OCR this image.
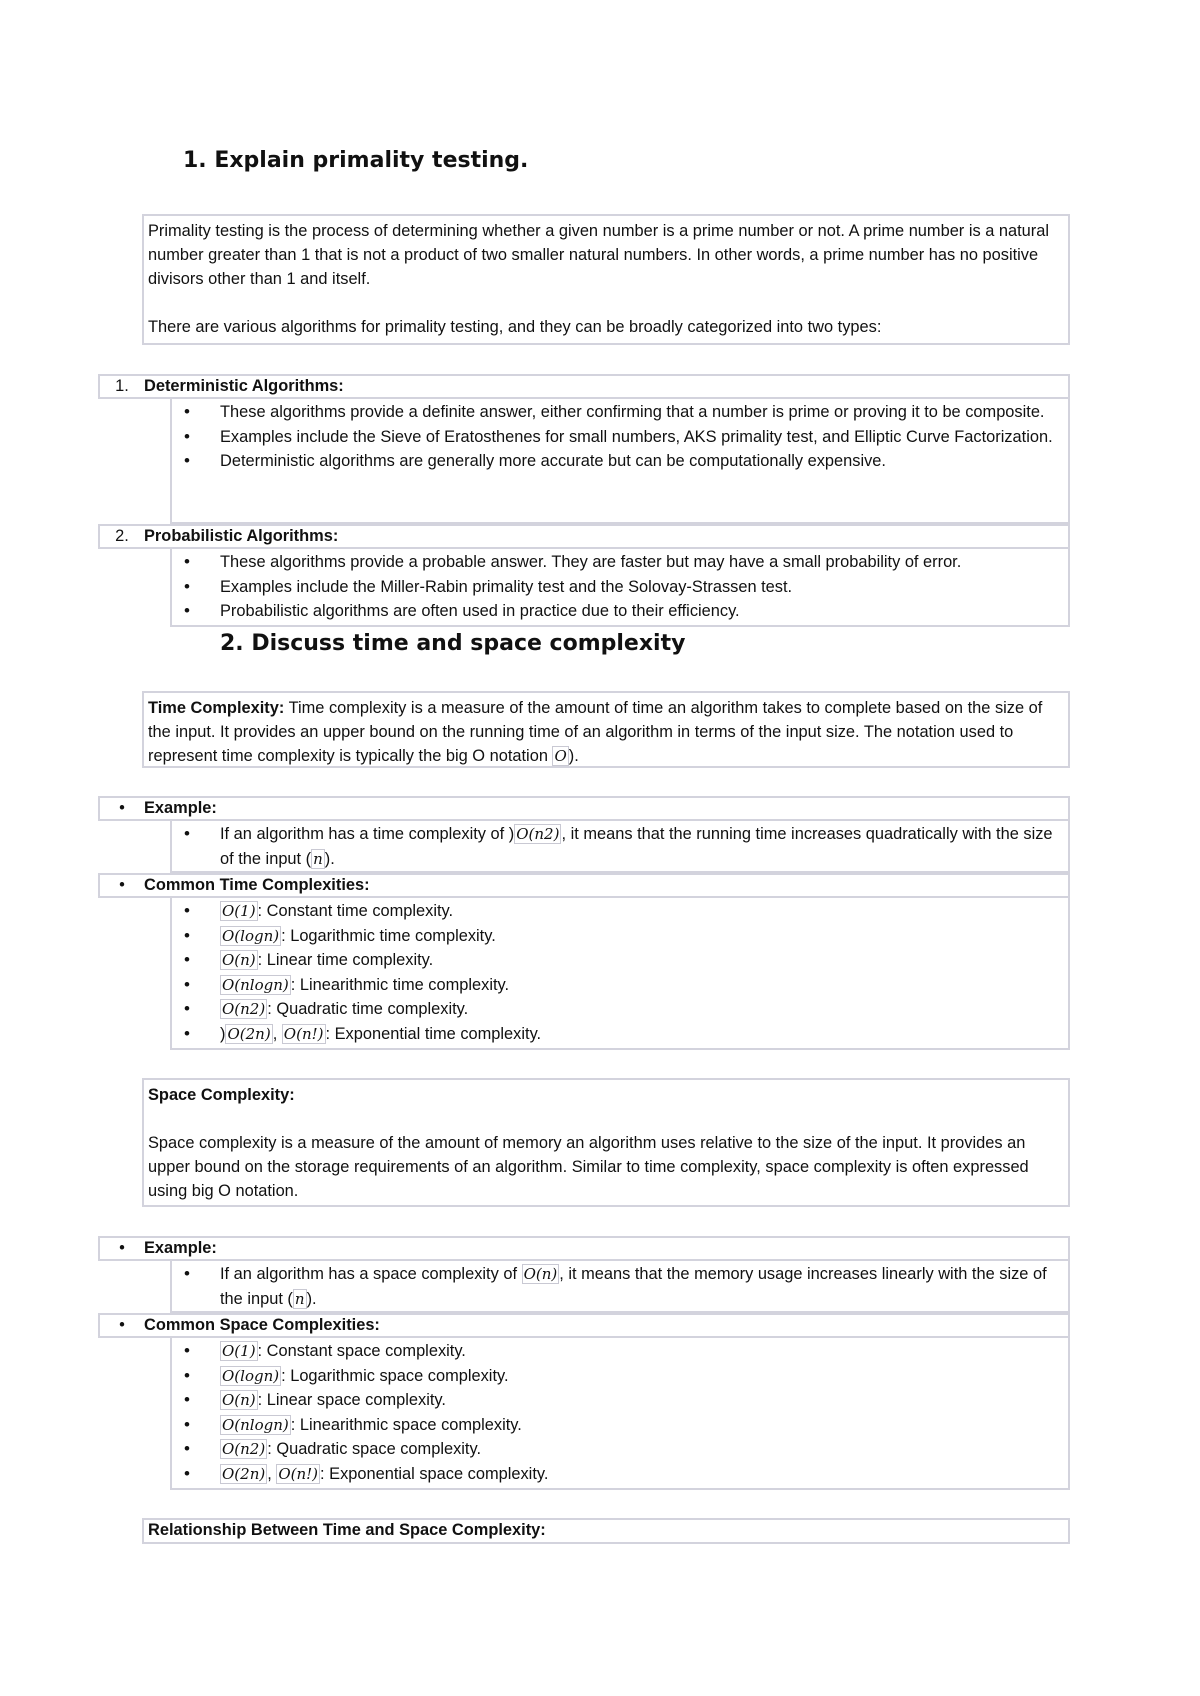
1. Explain primality testing.

Primality testing is the process of determining whether a given number is a prime number or not. A prime number is a natural number greater than 1 that is not a product of two smaller natural numbers. In other words, a prime number has no positive divisors other than 1 and itself.

There are various algorithms for primality testing, and they can be broadly categorized into two types:

1. Deterministic Algorithms:
• These algorithms provide a definite answer, either confirming that a number is prime or proving it to be composite.
• Examples include the Sieve of Eratosthenes for small numbers, AKS primality test, and Elliptic Curve Factorization.
• Deterministic algorithms are generally more accurate but can be computationally expensive.
2. Probabilistic Algorithms:
• These algorithms provide a probable answer. They are faster but may have a small probability of error.
• Examples include the Miller-Rabin primality test and the Solovay-Strassen test.
• Probabilistic algorithms are often used in practice due to their efficiency.
2. Discuss time and space complexity

Time Complexity: Time complexity is a measure of the amount of time an algorithm takes to complete based on the size of the input. It provides an upper bound on the running time of an algorithm in terms of the input size. The notation used to represent time complexity is typically the big O notation O ).

•	Example:
• If an algorithm has a time complexity of ) O(n2) , it means that the running time increases quadratically with the size of the input ( n ).
•	Common Time Complexities:
• O(1) : Constant time complexity.
• O(logn) : Logarithmic time complexity.
• O(n) : Linear time complexity.
• O(nlogn) : Linearithmic time complexity.
• O(n2) : Quadratic time complexity.
• ) O(2n) , O(n!) : Exponential time complexity.

Space Complexity:

Space complexity is a measure of the amount of memory an algorithm uses relative to the size of the input. It provides an upper bound on the storage requirements of an algorithm. Similar to time complexity, space complexity is often expressed using big O notation.

•	Example:
• If an algorithm has a space complexity of O(n) , it means that the memory usage increases linearly with the size of the input ( n ).
•	Common Space Complexities:
• O(1) : Constant space complexity.
• O(logn) : Logarithmic space complexity.
• O(n) : Linear space complexity.
• O(nlogn) : Linearithmic space complexity.
• O(n2) : Quadratic space complexity.
• O(2n) , O(n!) : Exponential space complexity.
Relationship Between Time and Space Complexity:
